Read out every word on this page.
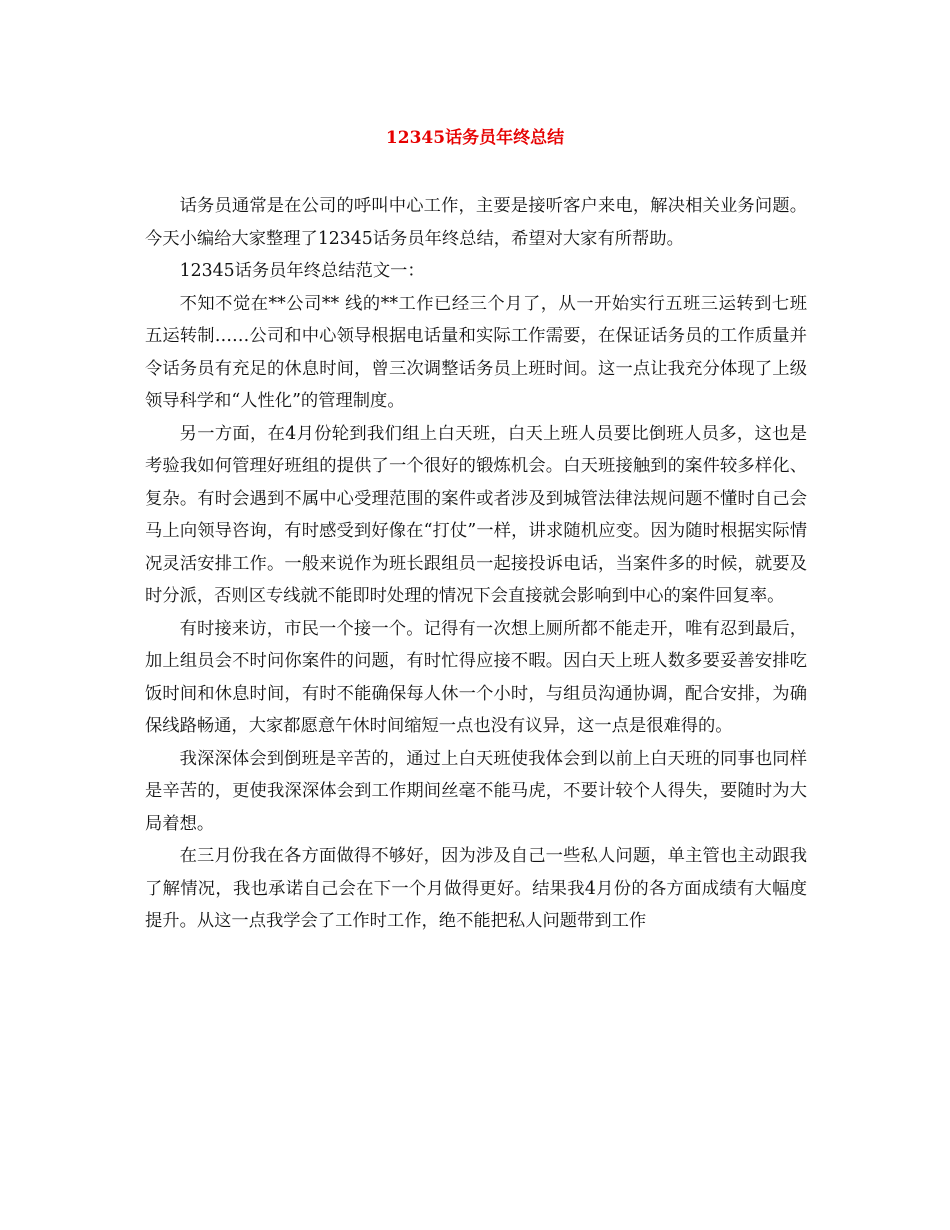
12345话务员年终总结

话务员通常是在公司的呼叫中心工作，主要是接听客户来电，解决相关业务问题。今天小编给大家整理了12345话务员年终总结，希望对大家有所帮助。

12345话务员年终总结范文一：

不知不觉在**公司** 线的**工作已经三个月了，从一开始实行五班三运转到七班五运转制……公司和中心领导根据电话量和实际工作需要，在保证话务员的工作质量并令话务员有充足的休息时间，曾三次调整话务员上班时间。这一点让我充分体现了上级领导科学和“人性化”的管理制度。

另一方面，在4月份轮到我们组上白天班，白天上班人员要比倒班人员多，这也是考验我如何管理好班组的提供了一个很好的锻炼机会。白天班接触到的案件较多样化、复杂。有时会遇到不属中心受理范围的案件或者涉及到城管法律法规问题不懂时自己会马上向领导咨询，有时感受到好像在“打仗”一样，讲求随机应变。因为随时根据实际情况灵活安排工作。一般来说作为班长跟组员一起接投诉电话，当案件多的时候，就要及时分派，否则区专线就不能即时处理的情况下会直接就会影响到中心的案件回复率。

有时接来访，市民一个接一个。记得有一次想上厕所都不能走开，唯有忍到最后，加上组员会不时问你案件的问题，有时忙得应接不暇。因白天上班人数多要妥善安排吃饭时间和休息时间，有时不能确保每人休一个小时，与组员沟通协调，配合安排，为确保线路畅通，大家都愿意午休时间缩短一点也没有议异，这一点是很难得的。

我深深体会到倒班是辛苦的，通过上白天班使我体会到以前上白天班的同事也同样是辛苦的，更使我深深体会到工作期间丝毫不能马虎，不要计较个人得失，要随时为大局着想。

在三月份我在各方面做得不够好，因为涉及自己一些私人问题，单主管也主动跟我了解情况，我也承诺自己会在下一个月做得更好。结果我4月份的各方面成绩有大幅度提升。从这一点我学会了工作时工作，绝不能把私人问题带到工作
